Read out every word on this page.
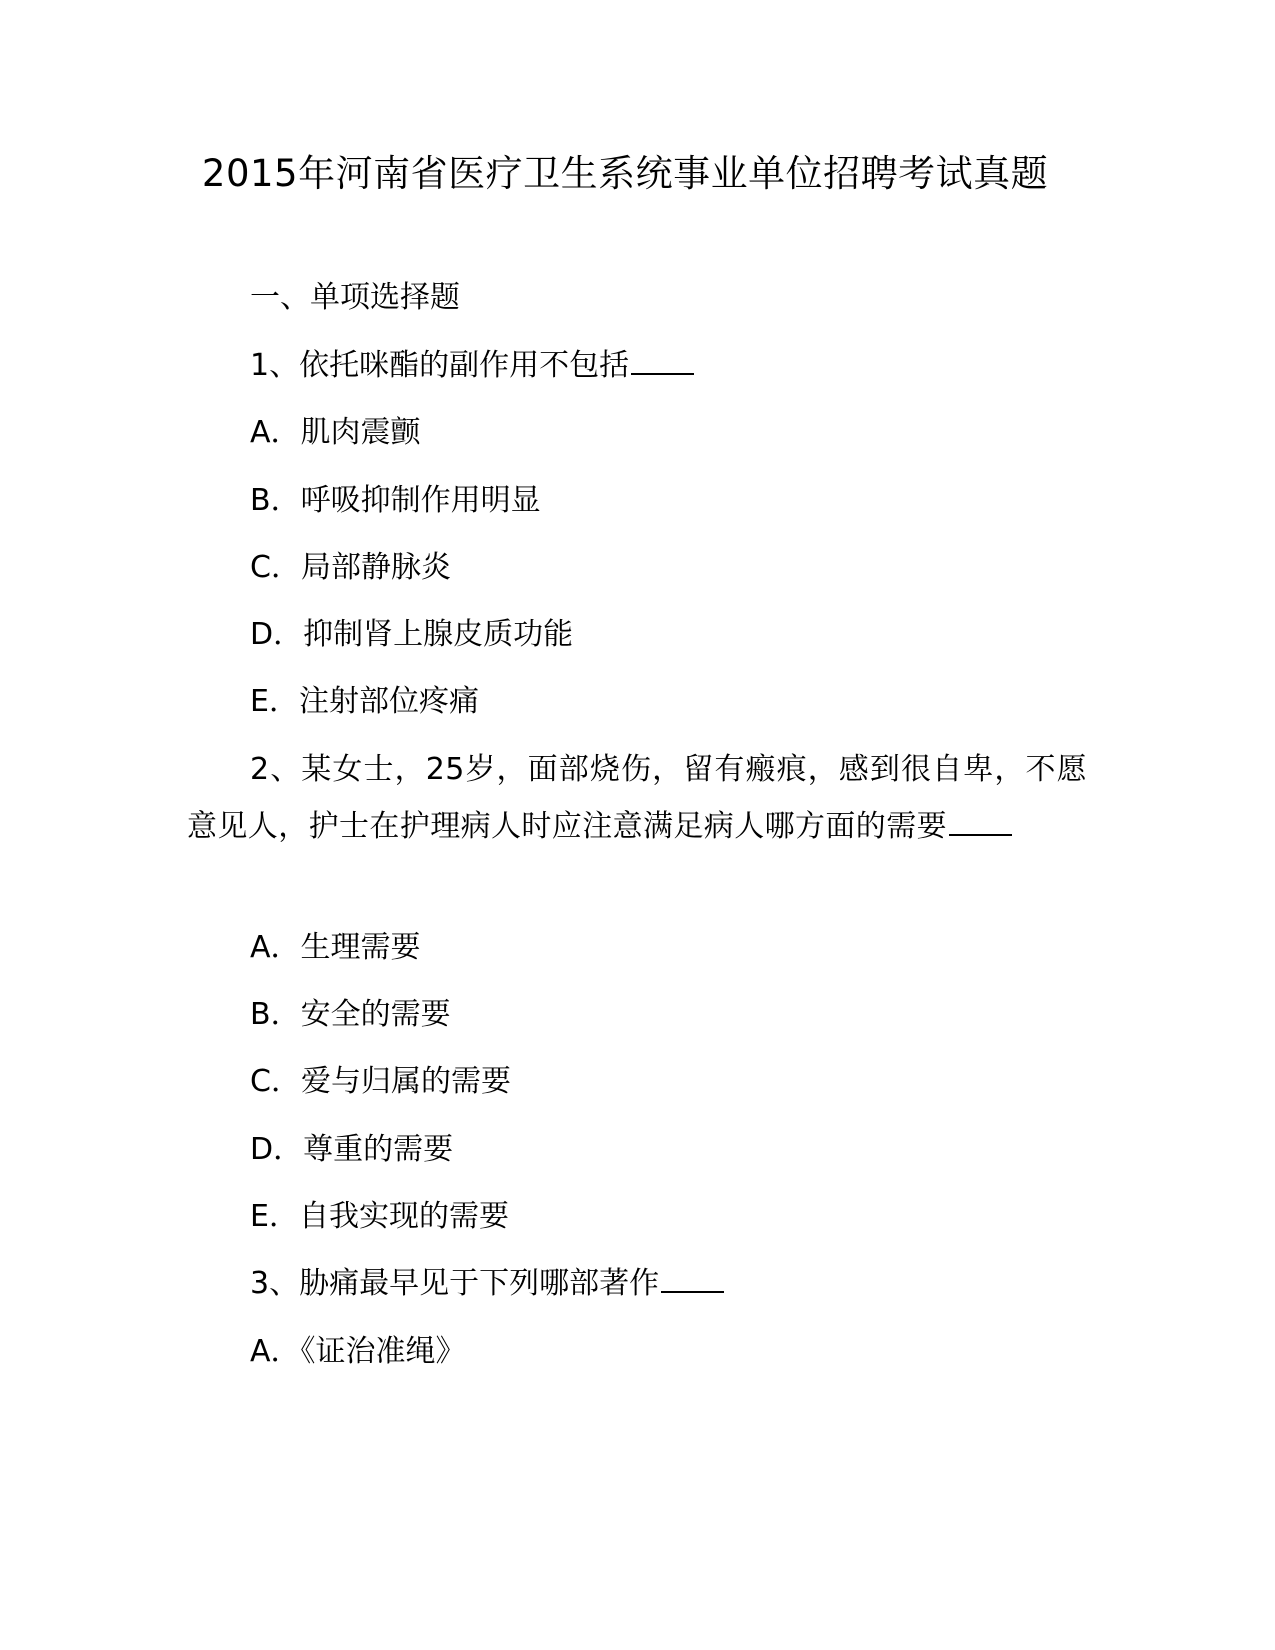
2015年河南省医疗卫生系统事业单位招聘考试真题
一、单项选择题
1、依托咪酯的副作用不包括
A．肌肉震颤
B．呼吸抑制作用明显
C．局部静脉炎
D．抑制肾上腺皮质功能
E．注射部位疼痛
2、某女士，25岁，面部烧伤，留有瘢痕，感到很自卑，不愿意见人，护士在护理病人时应注意满足病人哪方面的需要
A．生理需要
B．安全的需要
C．爱与归属的需要
D．尊重的需要
E．自我实现的需要
3、胁痛最早见于下列哪部著作
A．《证治准绳》
